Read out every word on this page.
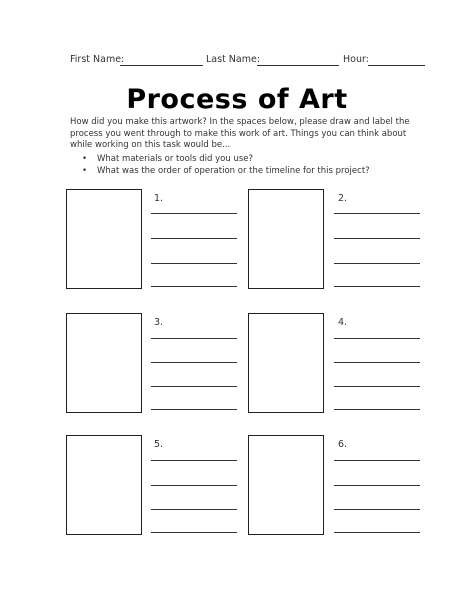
First Name:	Last Name:	Hour:
Process of Art
How did you make this artwork? In the spaces below, please draw and label the process you went through to make this work of art. Things you can think about while working on this task would be...
• What materials or tools did you use?
• What was the order of operation or the timeline for this project?
1.	2.
3.	4.
5.	6.
